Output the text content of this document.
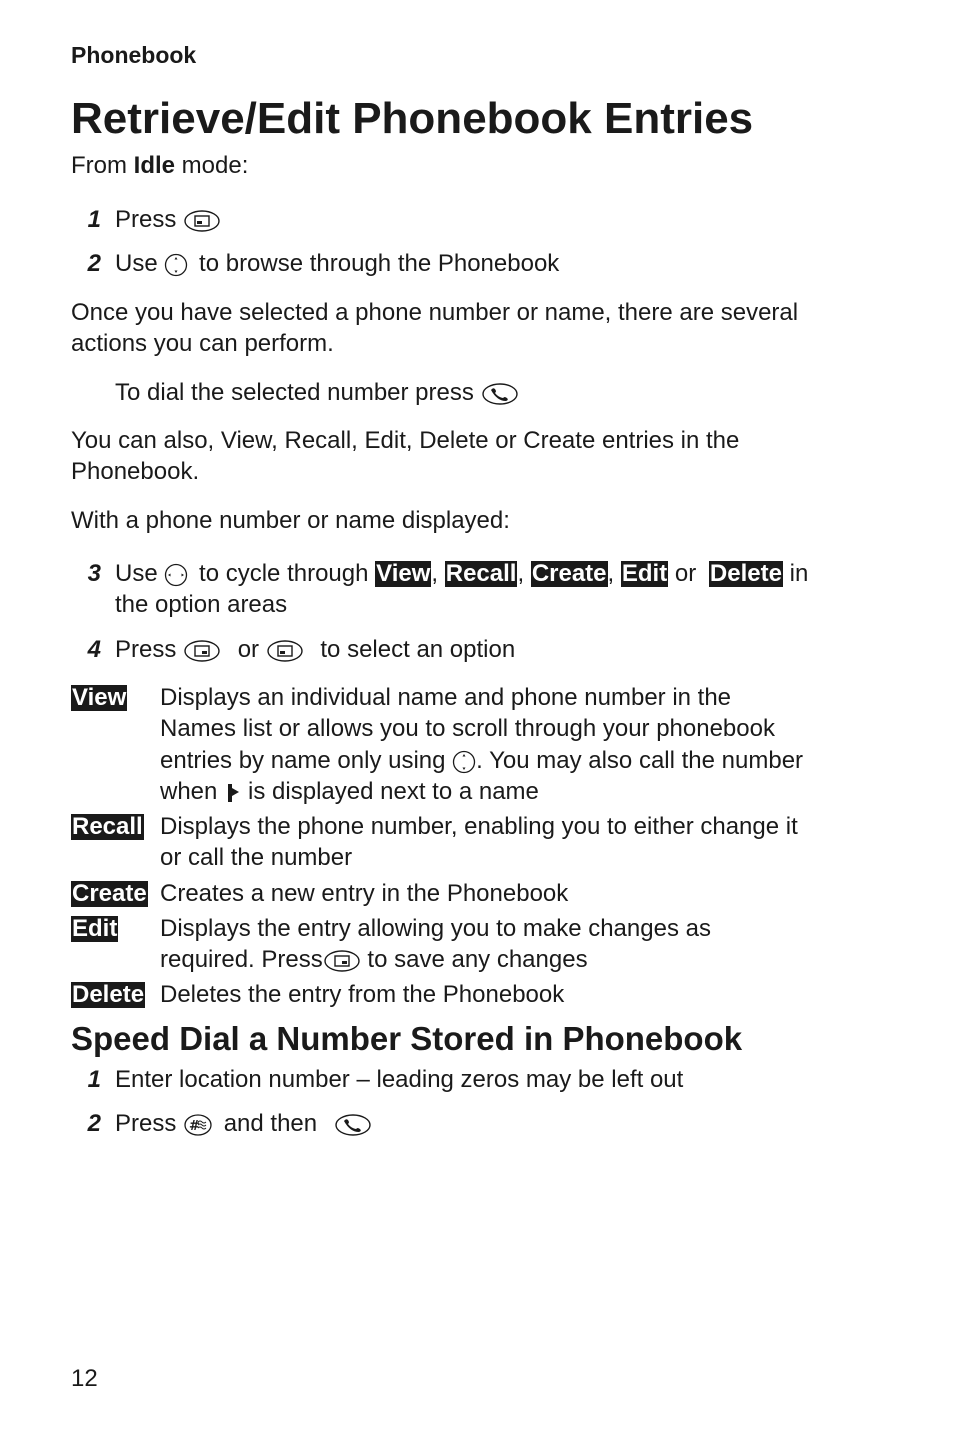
Phonebook
Retrieve/Edit Phonebook Entries
From Idle mode:
1 Press
2 Use to browse through the Phonebook
Once you have selected a phone number or name, there are several
actions you can perform.
To dial the selected number press
You can also, View, Recall, Edit, Delete or Create entries in the
Phonebook.
With a phone number or name displayed:
3 Use to cycle through View, Recall, Create, Edit or Delete in
the option areas
4 Press	or	to select an option
View Displays an individual name and phone number in the
Names list or allows you to scroll through your phonebook
entries by name only using . You may also call the number
when is displayed next to a name
Recall Displays the phone number, enabling you to either change it
or call the number
Create Creates a new entry in the Phonebook
Edit Displays the entry allowing you to make changes as
required. Press to save any changes
Delete Deletes the entry from the Phonebook
Speed Dial a Number Stored in Phonebook
1 Enter location number – leading zeros may be left out
2 Press # and then
12
